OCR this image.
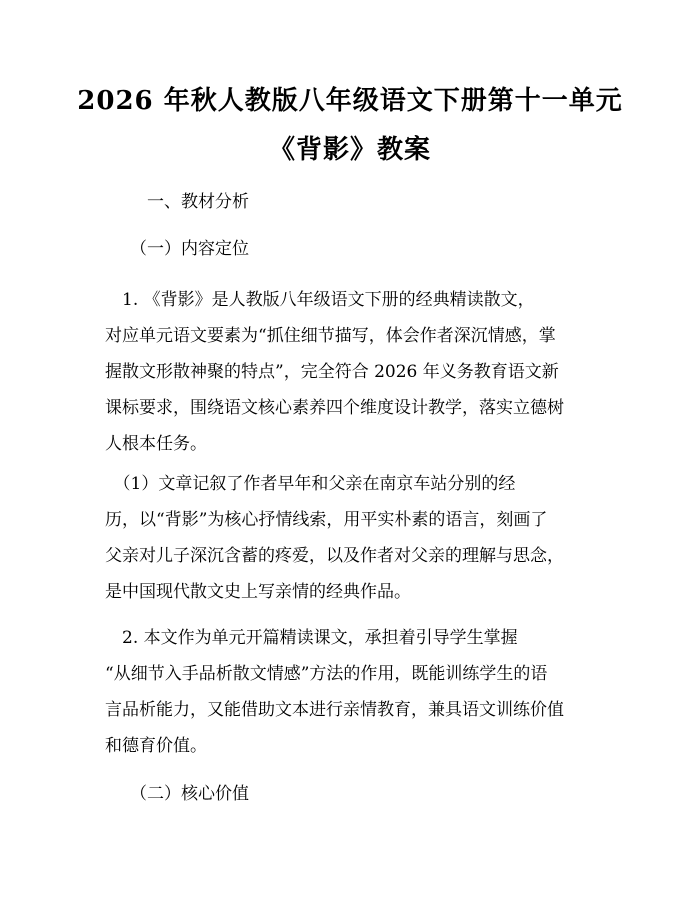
2026 年秋人教版八年级语文下册第十一单元
《背影》教案
一、教材分析
（一）内容定位
　1. 《背影》是人教版八年级语文下册的经典精读散文，
对应单元语文要素为“抓住细节描写，体会作者深沉情感，掌
握散文形散神聚的特点”，完全符合 2026 年义务教育语文新
课标要求，围绕语文核心素养四个维度设计教学，落实立德树
人根本任务。
　（1）文章记叙了作者早年和父亲在南京车站分别的经
历，以“背影”为核心抒情线索，用平实朴素的语言，刻画了
父亲对儿子深沉含蓄的疼爱，以及作者对父亲的理解与思念，
是中国现代散文史上写亲情的经典作品。
　2. 本文作为单元开篇精读课文，承担着引导学生掌握
“从细节入手品析散文情感”方法的作用，既能训练学生的语
言品析能力，又能借助文本进行亲情教育，兼具语文训练价值
和德育价值。
（二）核心价值
